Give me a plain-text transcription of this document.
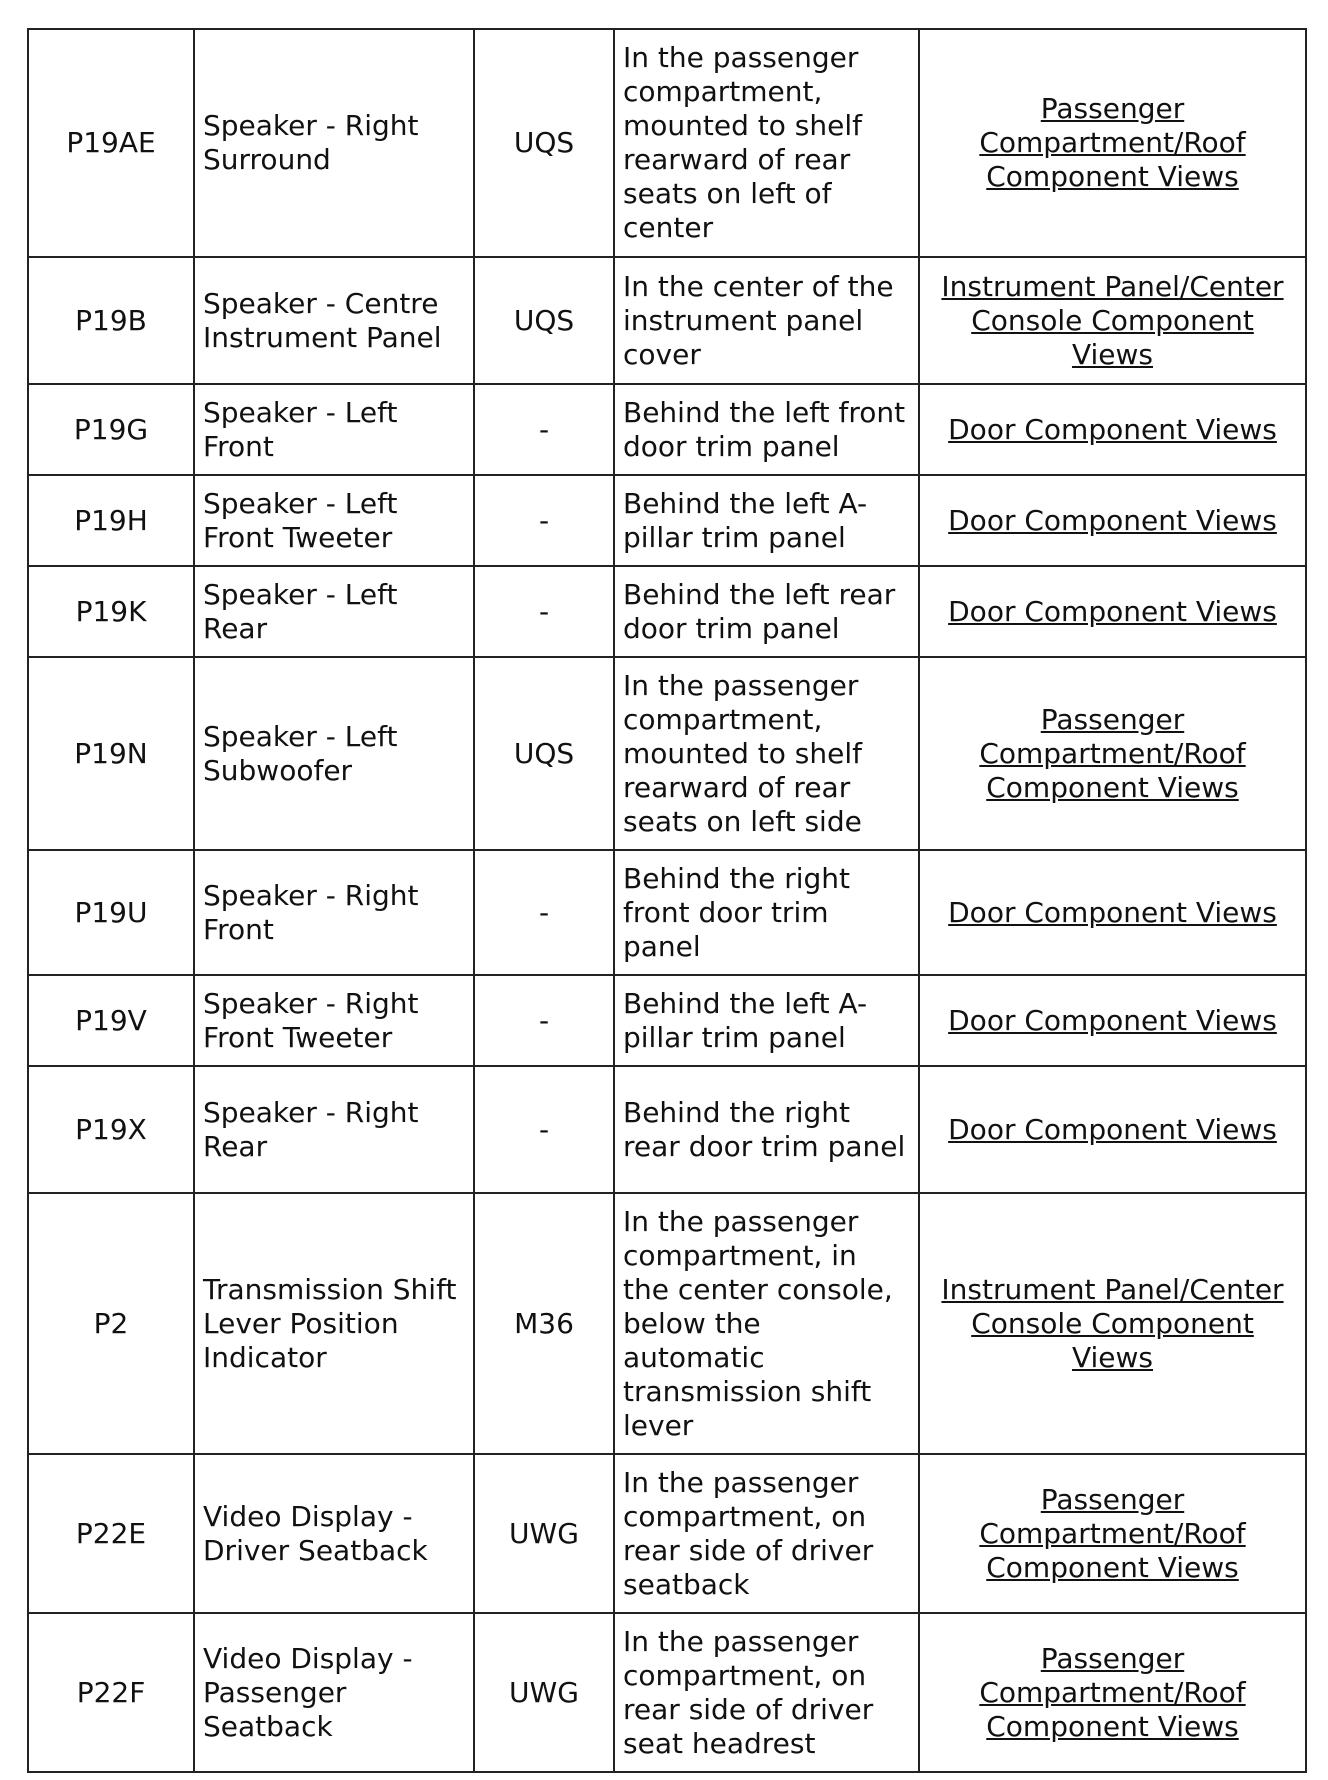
P19AE	Speaker - Right Surround	UQS	In the passenger compartment, mounted to shelf rearward of rear seats on left of center	Passenger Compartment/Roof Component Views
P19B	Speaker - Centre Instrument Panel	UQS	In the center of the instrument panel cover	Instrument Panel/Center Console Component Views
P19G	Speaker - Left Front	-	Behind the left front door trim panel	Door Component Views
P19H	Speaker - Left Front Tweeter	-	Behind the left A-pillar trim panel	Door Component Views
P19K	Speaker - Left Rear	-	Behind the left rear door trim panel	Door Component Views
P19N	Speaker - Left Subwoofer	UQS	In the passenger compartment, mounted to shelf rearward of rear seats on left side	Passenger Compartment/Roof Component Views
P19U	Speaker - Right Front	-	Behind the right front door trim panel	Door Component Views
P19V	Speaker - Right Front Tweeter	-	Behind the left A-pillar trim panel	Door Component Views
P19X	Speaker - Right Rear	-	Behind the right rear door trim panel	Door Component Views
P2	Transmission Shift Lever Position Indicator	M36	In the passenger compartment, in the center console, below the automatic transmission shift lever	Instrument Panel/Center Console Component Views
P22E	Video Display - Driver Seatback	UWG	In the passenger compartment, on rear side of driver seatback	Passenger Compartment/Roof Component Views
P22F	Video Display - Passenger Seatback	UWG	In the passenger compartment, on rear side of driver seat headrest	Passenger Compartment/Roof Component Views
